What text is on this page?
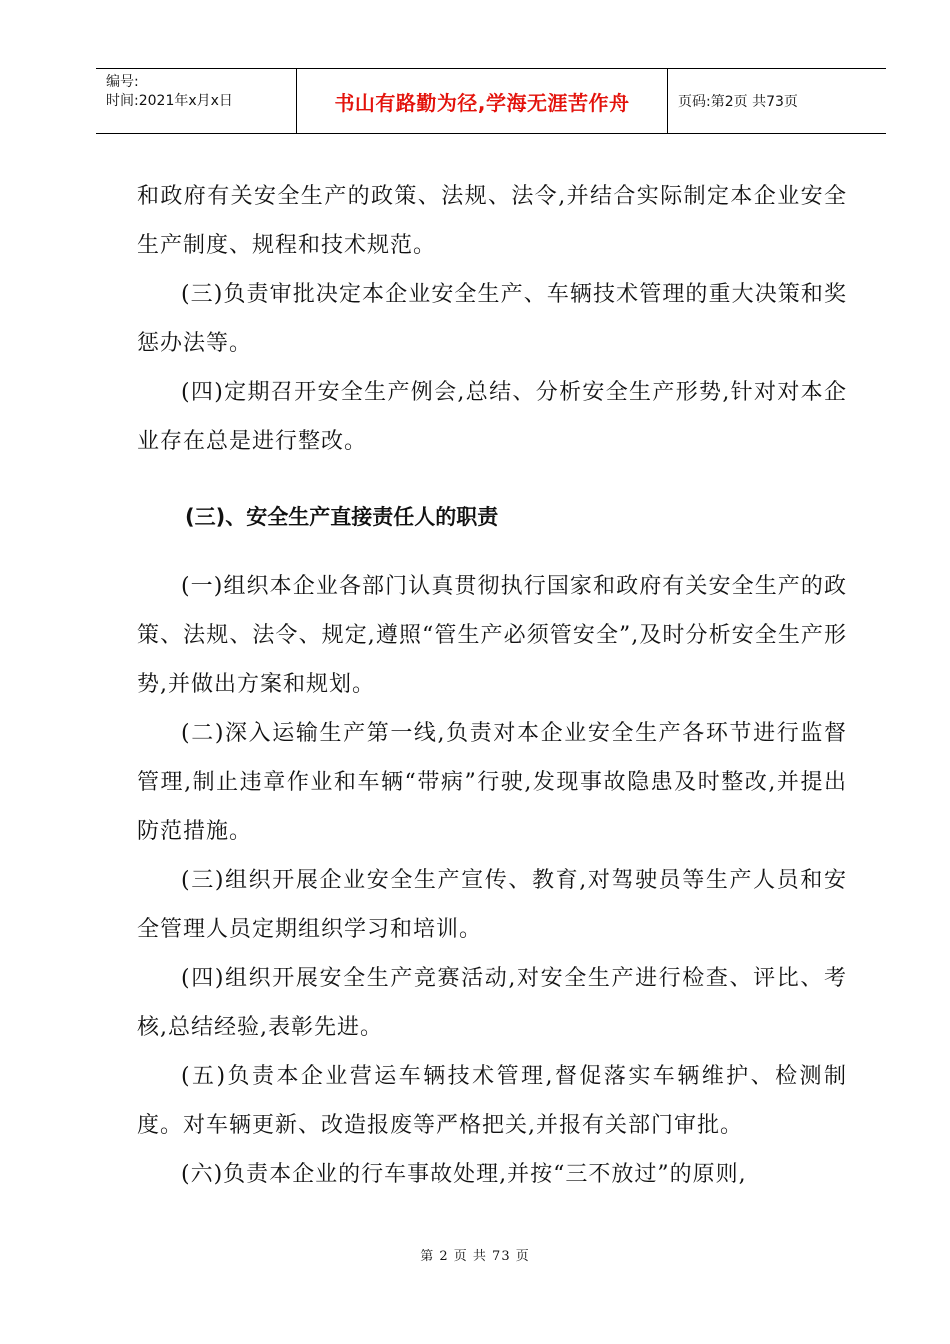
编号:
时间:2021年x月x日	书山有路勤为径,学海无涯苦作舟	页码:第2页 共73页

和政府有关安全生产的政策、法规、法令,并结合实际制定本企业安全生产制度、规程和技术规范。

(三)负责审批决定本企业安全生产、车辆技术管理的重大决策和奖惩办法等。

(四)定期召开安全生产例会,总结、分析安全生产形势,针对对本企业存在总是进行整改。

(三)、安全生产直接责任人的职责

(一)组织本企业各部门认真贯彻执行国家和政府有关安全生产的政策、法规、法令、规定,遵照“管生产必须管安全”,及时分析安全生产形势,并做出方案和规划。

(二)深入运输生产第一线,负责对本企业安全生产各环节进行监督管理,制止违章作业和车辆“带病”行驶,发现事故隐患及时整改,并提出防范措施。

(三)组织开展企业安全生产宣传、教育,对驾驶员等生产人员和安全管理人员定期组织学习和培训。

(四)组织开展安全生产竞赛活动,对安全生产进行检查、评比、考核,总结经验,表彰先进。

(五)负责本企业营运车辆技术管理,督促落实车辆维护、检测制度。对车辆更新、改造报废等严格把关,并报有关部门审批。

(六)负责本企业的行车事故处理,并按“三不放过”的原则,

第 2 页 共 73 页
